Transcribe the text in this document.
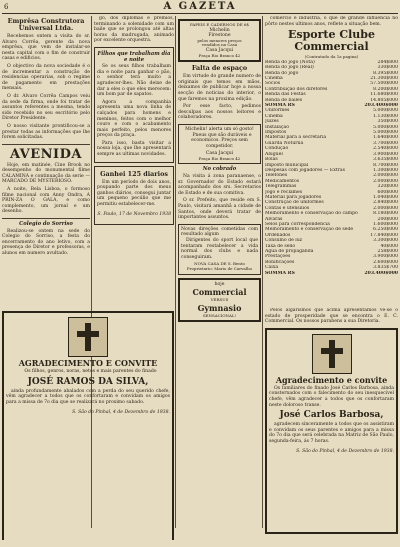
6	A GAZETA
Emprêsa Construtora Universal Ltda.

Recebemos ontem a visita do sr. Alvaro Corrêa, gerente da nova emprêsa, que vem de instalar-se nesta capital com o fim de construir casas e edificios.

O objectivo da nova sociedade é o de incrementar a construção de residencias operarias, sob o regime de pagamento em prestações mensais.

O dr. Alvaro Corrêa Campos veiu da sede da firma, onde foi tratar de assuntos referentes a mesma, tendo sido recebido no seu escritório pelo Diretor Presidente.

O nosso visitante prontificou-se a prestar todas as informações que lhe forem solicitadas.

AVENIDA

Hoje, em matinée, Cine Brook no desempenho do monumental filme CALAMINA e continuação da serie — MARCADO DE MYSTERIOSO.

A noite, Bela Lisboa, o formoso filme nacional com Anny Ondra, A PRIN-ZA O GALA, e como complemento, um jornal e um desenho.

Colegio do Sorriso

Realizou-se ontem na sede do Colegio do Sorriso, a festa do encerramento do ano letivo, com a presença de Diretor e professoras, e alunos em numero avultado.

go, dos diplomas e premios, terminando a solenidade com um baile que se prolongou até altas horas da madrugada, animado por excelente orquestra.

Filhos que trabalham dia e noite

Se os seus filhos trabalham dia e noite para ganhar o pão, o senhor terá muito a agradecer-lhes. Não deixe de dar a eles o que eles merecem: um bom par de sapatos.

Agora a companhia apresenta uma nova linha de calçados para homens e meninos, feitos com o melhor couro e com o acabamento mais perfeito, pelos menores preços da praça.

Para isso, basta visitar a nossa loja, que lhe apresentará sempre as ultimas novidades.

Ganhei 125 diarios

Em um período de dois anos, poupando parte dos meus ganhos diários, consegui juntar um pequeno pecúlio que me permitiu estabelecer-me.

S. Paulo, 17 de Novembro 1938

AGRADECIMENTO E CONVITE

Os filhos, genros, noras, netos e mais parentes do finado

JOSÉ RAMOS DA SILVA,

ainda profundamente abalados com a perda do seu querido chefe, vêm agradecer a todos que os confortaram e convidam os amigos para a missa de 7o dia que se realizará no proximo sabado.

S. São do Pinhal, 4 de Dezembro de 1938.

PAPEIS E CADERNOS DE 6$
Michelin
Firestone
pelos menores preços
vendidos na Casa
Casa Jacqui
Praça Rio Branco 42
Falta de espaço

Em virtude do grande numero de originais que temos em mãos, deixamos de publicar hoje a nossa secção de noticias do interior, o que faremos na proxima edição.

Por esse facto, pedimos desculpas aos nossos leitores e colaboradores.

Michelin! alerta um só gosto!

Pneus que são duráveis e economicos. Preços sem competidor.

Casa Jacqui
Praça Rio Branco 42
No cobrado

Na visita á zona paranaense, o sr. Governador do Estado estará acompanhado dos srs. Secretarios de Estado e de sua comitiva.

O sr. Prefeito, que reside em S. Paulo, visitará amanhã a cidade de Santos, onde deverá tratar de importantes assuntos.

Novas direções cometidas com resultado algum

Dirigentes do sport local que tentaram restabelecer a vida normal dos clubs e nada conseguiram.

NOVA CASA DE S. Bento
Proprietario: Mario de Carvalho
hoje
Commercial
VERSUS
Gymnasio
SENSACIONAL!

comercio e industria, o que de grande influencia no pôrto nestes ultimos anos, reflete a situação bem.

Esporte Clube Commercial
(Contratado da 1a pagina)
Renda do jogo (Nota)	284$800
Renda do jogo (Real)	330$000
Renda do jogo	8.395$000
Cinema	21.300$000
Sócios	57.500$000
Contribuição dos diretores	8.200$000
Renda das Festas	11.680$000
Renda de bailes	14.805$000
SOMMA RS	203.400$000
Uniformes	5.000$000
Cinema	1.130$000
Juizes	350$000
Instalação	5.000$000
Impostos	5.000$000
Material para a secretaria	1.640$000
Guarda Noturna	3.700$000
Condução	2.540$000
Aluguel	3.900$000
Bolas	3.635$000
Imposto municipal	8.700$000
Despesas com jogadores — Extras	1.300$000
Telefones	2.000$000
Medicamentos	2.000$000
Telegrammas	320$000
Jogo e reclames	600$000
Material para jogadores	1.040$000
Construção de uniformes	2.840$000
Contas e utensilios	2.000$000
Melhoramento e conservação do campo	8.180$000
Alvarás	200$000
Selos para correspondencia	1.600$000
Melhoramento e conservação de sede	6.250$000
Ordenados	17.840$000
Consumo de luz	3.300$000
Taxa de sello	40$000
Agua de propaganda	258$000
Prestações	3.900$000
Bonificações	2.600$000
Caixa	3.835$700
SOMMA RS	203.400$000

Pelos algarismos que acima apresentamos vê-se o estado de prosperidade que se encontra o E. C. Commercial. Os nossos parabens a sua Diretoria.

Agradecimento e convite

Os familiares do finado José Carlos Barbosa, ainda consternados com o falecimento do seu inesquecível chefe, vêm agradecer a todos que os confortaram neste doloroso transe.

José Carlos Barbosa,

agradecem sinceramente a todos que os assistiram e convidam os seus parentes e amigos para a missa do 7o dia que será celebrada na Matriz de São Paulo, segunda-feira, ás 7 horas.

S. São do Pinhal, 4 de Dezembro de 1938.
